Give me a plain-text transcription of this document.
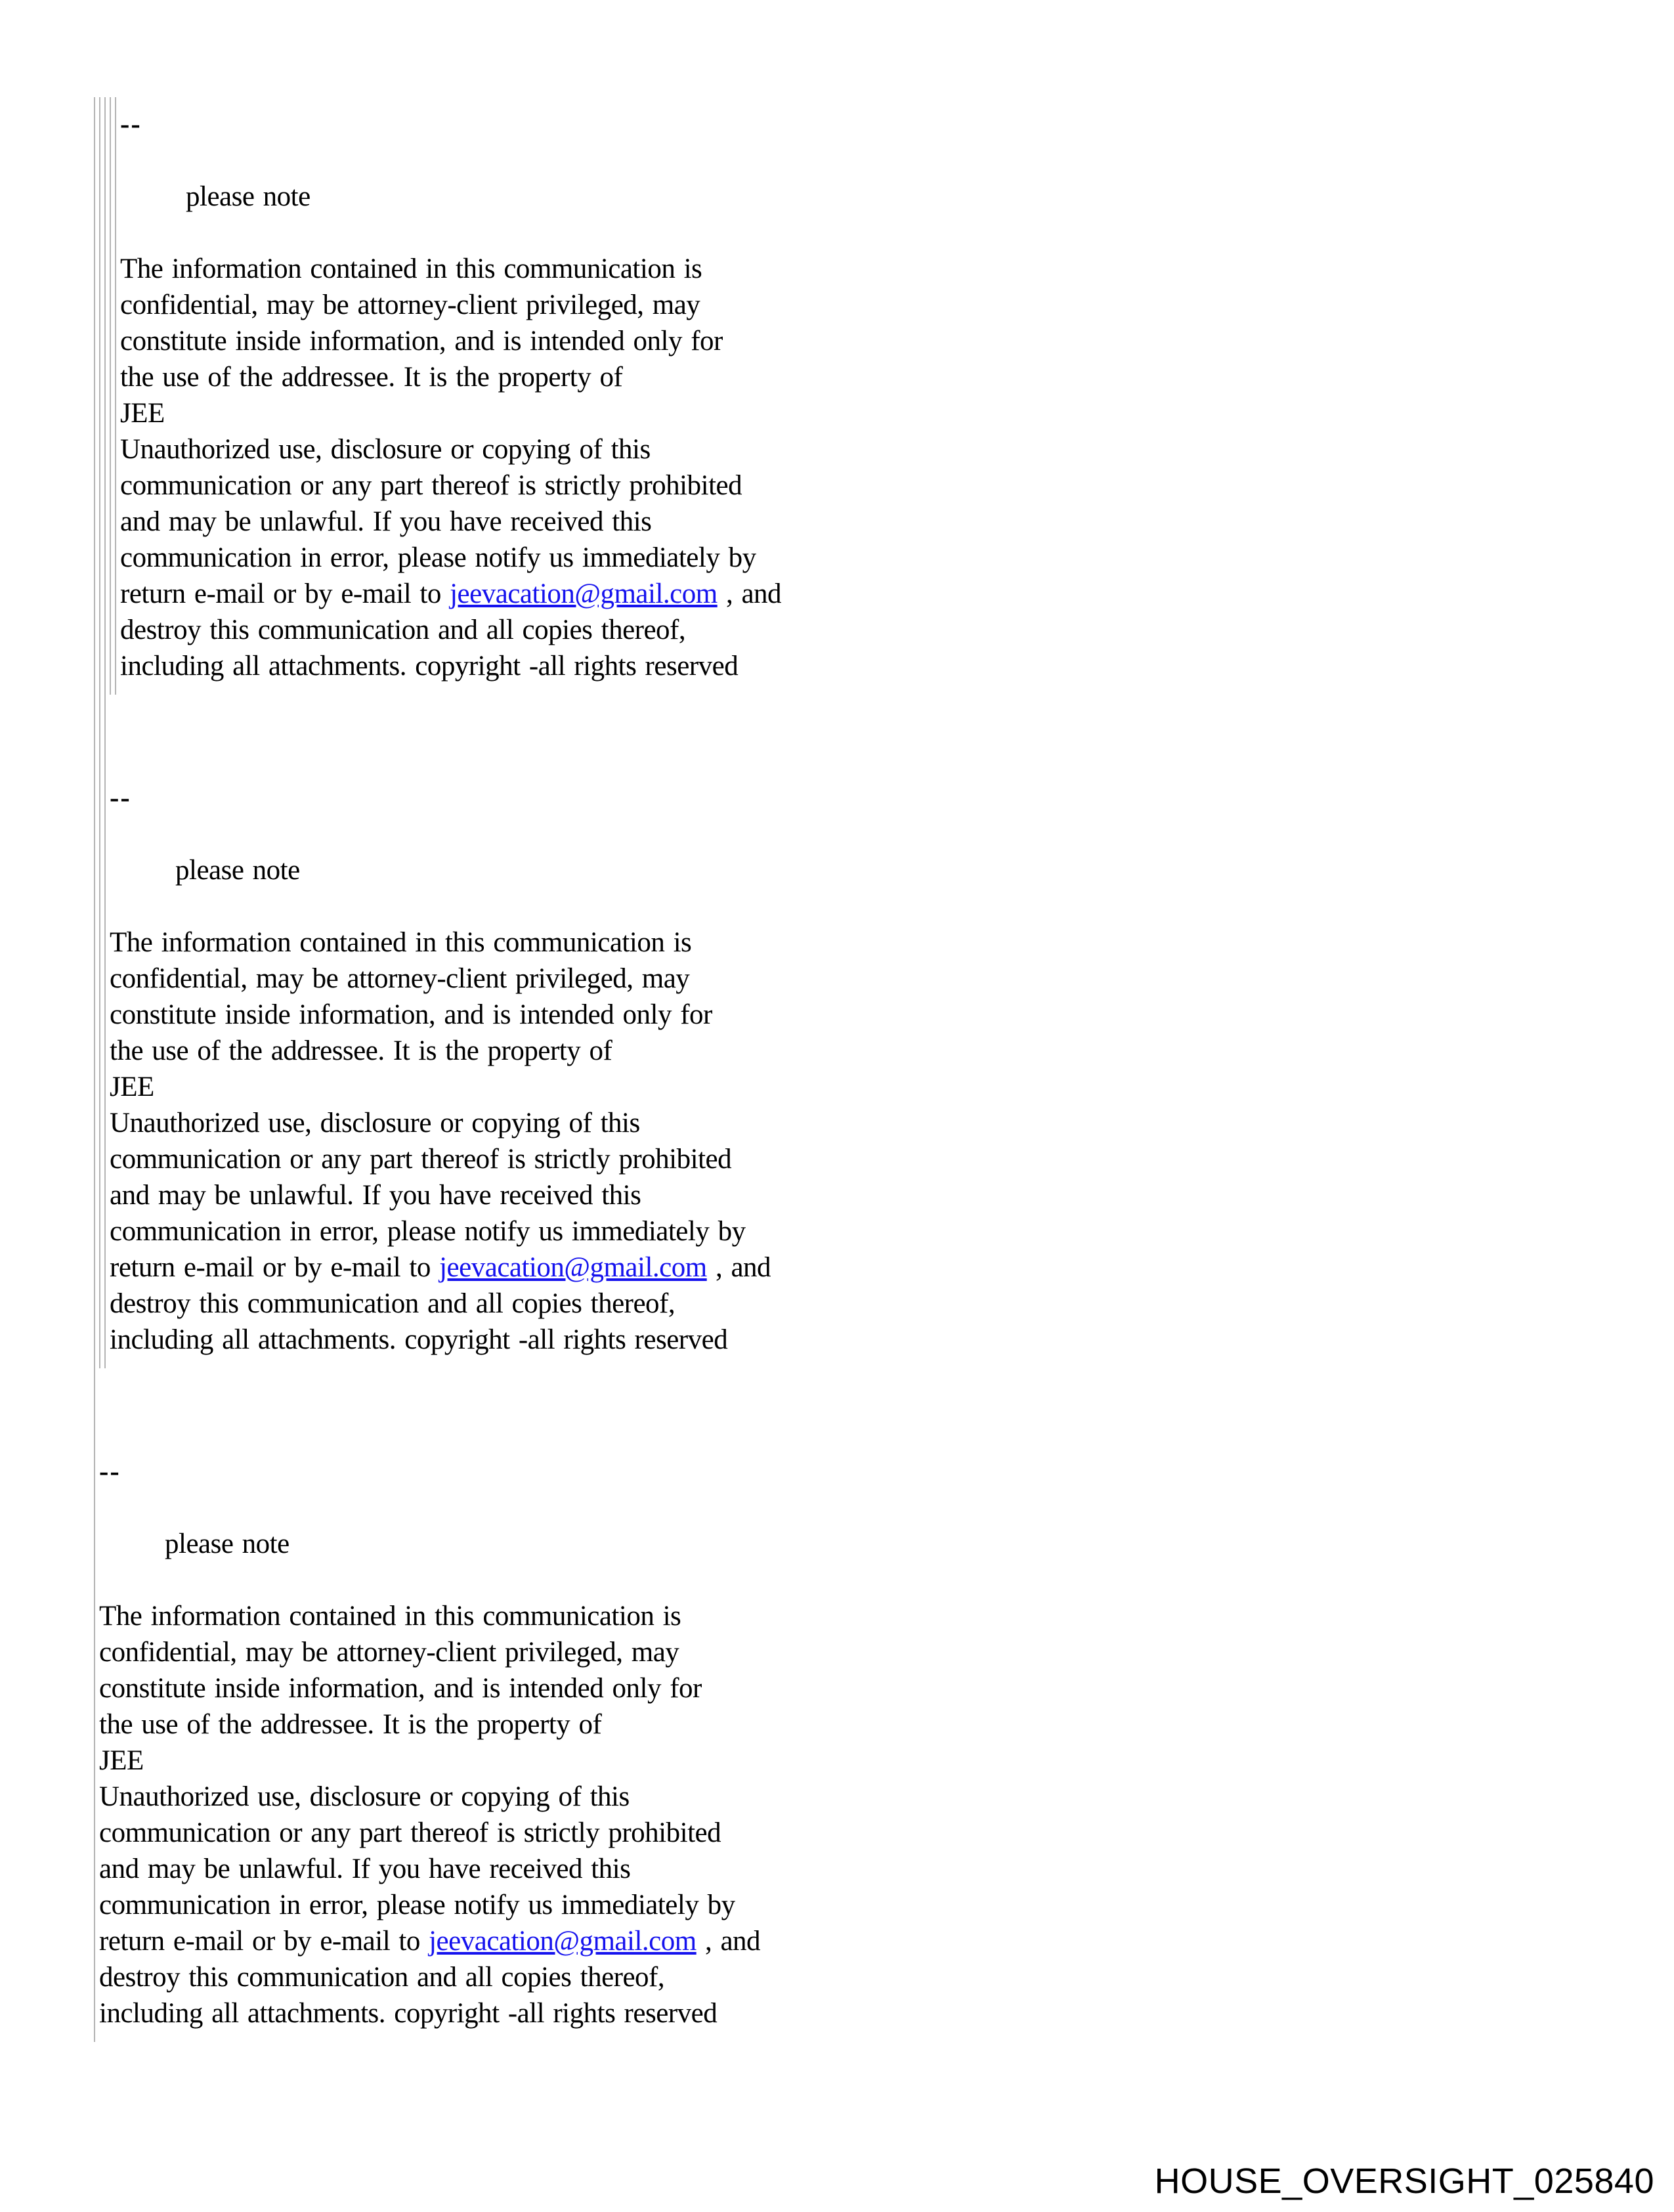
--
please note
The information contained in this communication is
confidential, may be attorney-client privileged, may
constitute inside information, and is intended only for
the use of the addressee. It is the property of
JEE
Unauthorized use, disclosure or copying of this
communication or any part thereof is strictly prohibited
and may be unlawful. If you have received this
communication in error, please notify us immediately by
return e-mail or by e-mail to jeevacation@gmail.com , and
destroy this communication and all copies thereof,
including all attachments. copyright -all rights reserved
--
please note
The information contained in this communication is
confidential, may be attorney-client privileged, may
constitute inside information, and is intended only for
the use of the addressee. It is the property of
JEE
Unauthorized use, disclosure or copying of this
communication or any part thereof is strictly prohibited
and may be unlawful. If you have received this
communication in error, please notify us immediately by
return e-mail or by e-mail to jeevacation@gmail.com , and
destroy this communication and all copies thereof,
including all attachments. copyright -all rights reserved
--
please note
The information contained in this communication is
confidential, may be attorney-client privileged, may
constitute inside information, and is intended only for
the use of the addressee. It is the property of
JEE
Unauthorized use, disclosure or copying of this
communication or any part thereof is strictly prohibited
and may be unlawful. If you have received this
communication in error, please notify us immediately by
return e-mail or by e-mail to jeevacation@gmail.com , and
destroy this communication and all copies thereof,
including all attachments. copyright -all rights reserved
HOUSE_OVERSIGHT_025840
